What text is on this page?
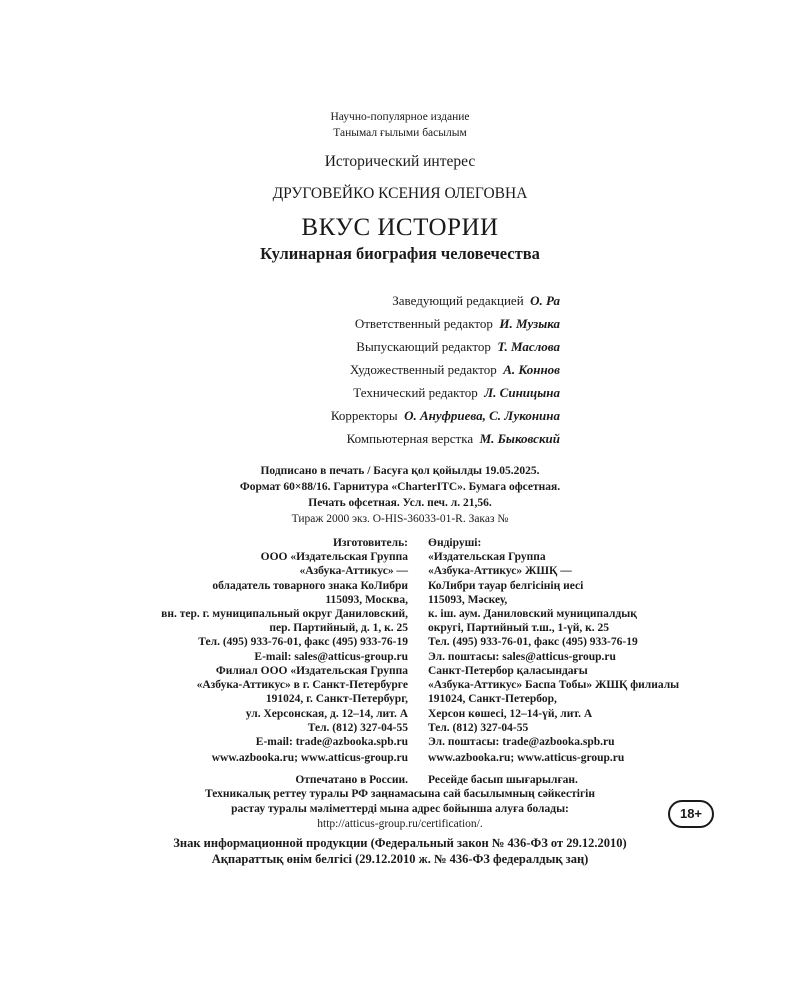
Научно-популярное издание
Танымал ғылыми басылым
Исторический интерес
ДРУГОВЕЙКО КСЕНИЯ ОЛЕГОВНА
ВКУС ИСТОРИИ
Кулинарная биография человечества
Заведующий редакцией О. Ра
Ответственный редактор И. Музыка
Выпускающий редактор Т. Маслова
Художественный редактор А. Коннов
Технический редактор Л. Синицына
Корректоры О. Ануфриева, С. Луконина
Компьютерная верстка М. Быковский
Подписано в печать / Басуға қол қойылды 19.05.2025.
Формат 60×88/16. Гарнитура «CharterITC». Бумага офсетная.
Печать офсетная. Усл. печ. л. 21,56.
Тираж 2000 экз. O-HIS-36033-01-R. Заказ №
Изготовитель:
ООО «Издательская Группа
«Азбука-Аттикус» —
обладатель товарного знака КоЛибри
115093, Москва,
вн. тер. г. муниципальный округ Даниловский,
пер. Партийный, д. 1, к. 25
Тел. (495) 933-76-01, факс (495) 933-76-19
E-mail: sales@atticus-group.ru
Өндіруші:
«Издательская Группа
«Азбука-Аттикус» ЖШҚ —
КоЛибри тауар белгісінің иесі
115093, Мәскеу,
к. іш. аум. Даниловский муниципалдық
округі, Партийный т.ш., 1-үй, к. 25
Тел. (495) 933-76-01, факс (495) 933-76-19
Эл. поштасы: sales@atticus-group.ru
Филиал ООО «Издательская Группа
«Азбука-Аттикус» в г. Санкт-Петербурге
191024, г. Санкт-Петербург,
ул. Херсонская, д. 12–14, лит. А
Тел. (812) 327-04-55
E-mail: trade@azbooka.spb.ru
Санкт-Петербор қаласындағы
«Азбука-Аттикус» Баспа Тобы» ЖШҚ филиалы
191024, Санкт-Петербор,
Херсон көшесі, 12–14-үй, лит. А
Тел. (812) 327-04-55
Эл. поштасы: trade@azbooka.spb.ru
www.azbooka.ru; www.atticus-group.ru www.azbooka.ru; www.atticus-group.ru
Отпечатано в России. Ресейде басып шығарылған.
Техникалық реттеу туралы РФ заңнамасына сай басылымның сәйкестігін
растау туралы мәліметтерді мына адрес бойынша алуға болады:
http://atticus-group.ru/certification/.
18+
Знак информационной продукции (Федеральный закон № 436-ФЗ от 29.12.2010)
Ақпараттық өнім белгісі (29.12.2010 ж. № 436-ФЗ федералдық заң)
